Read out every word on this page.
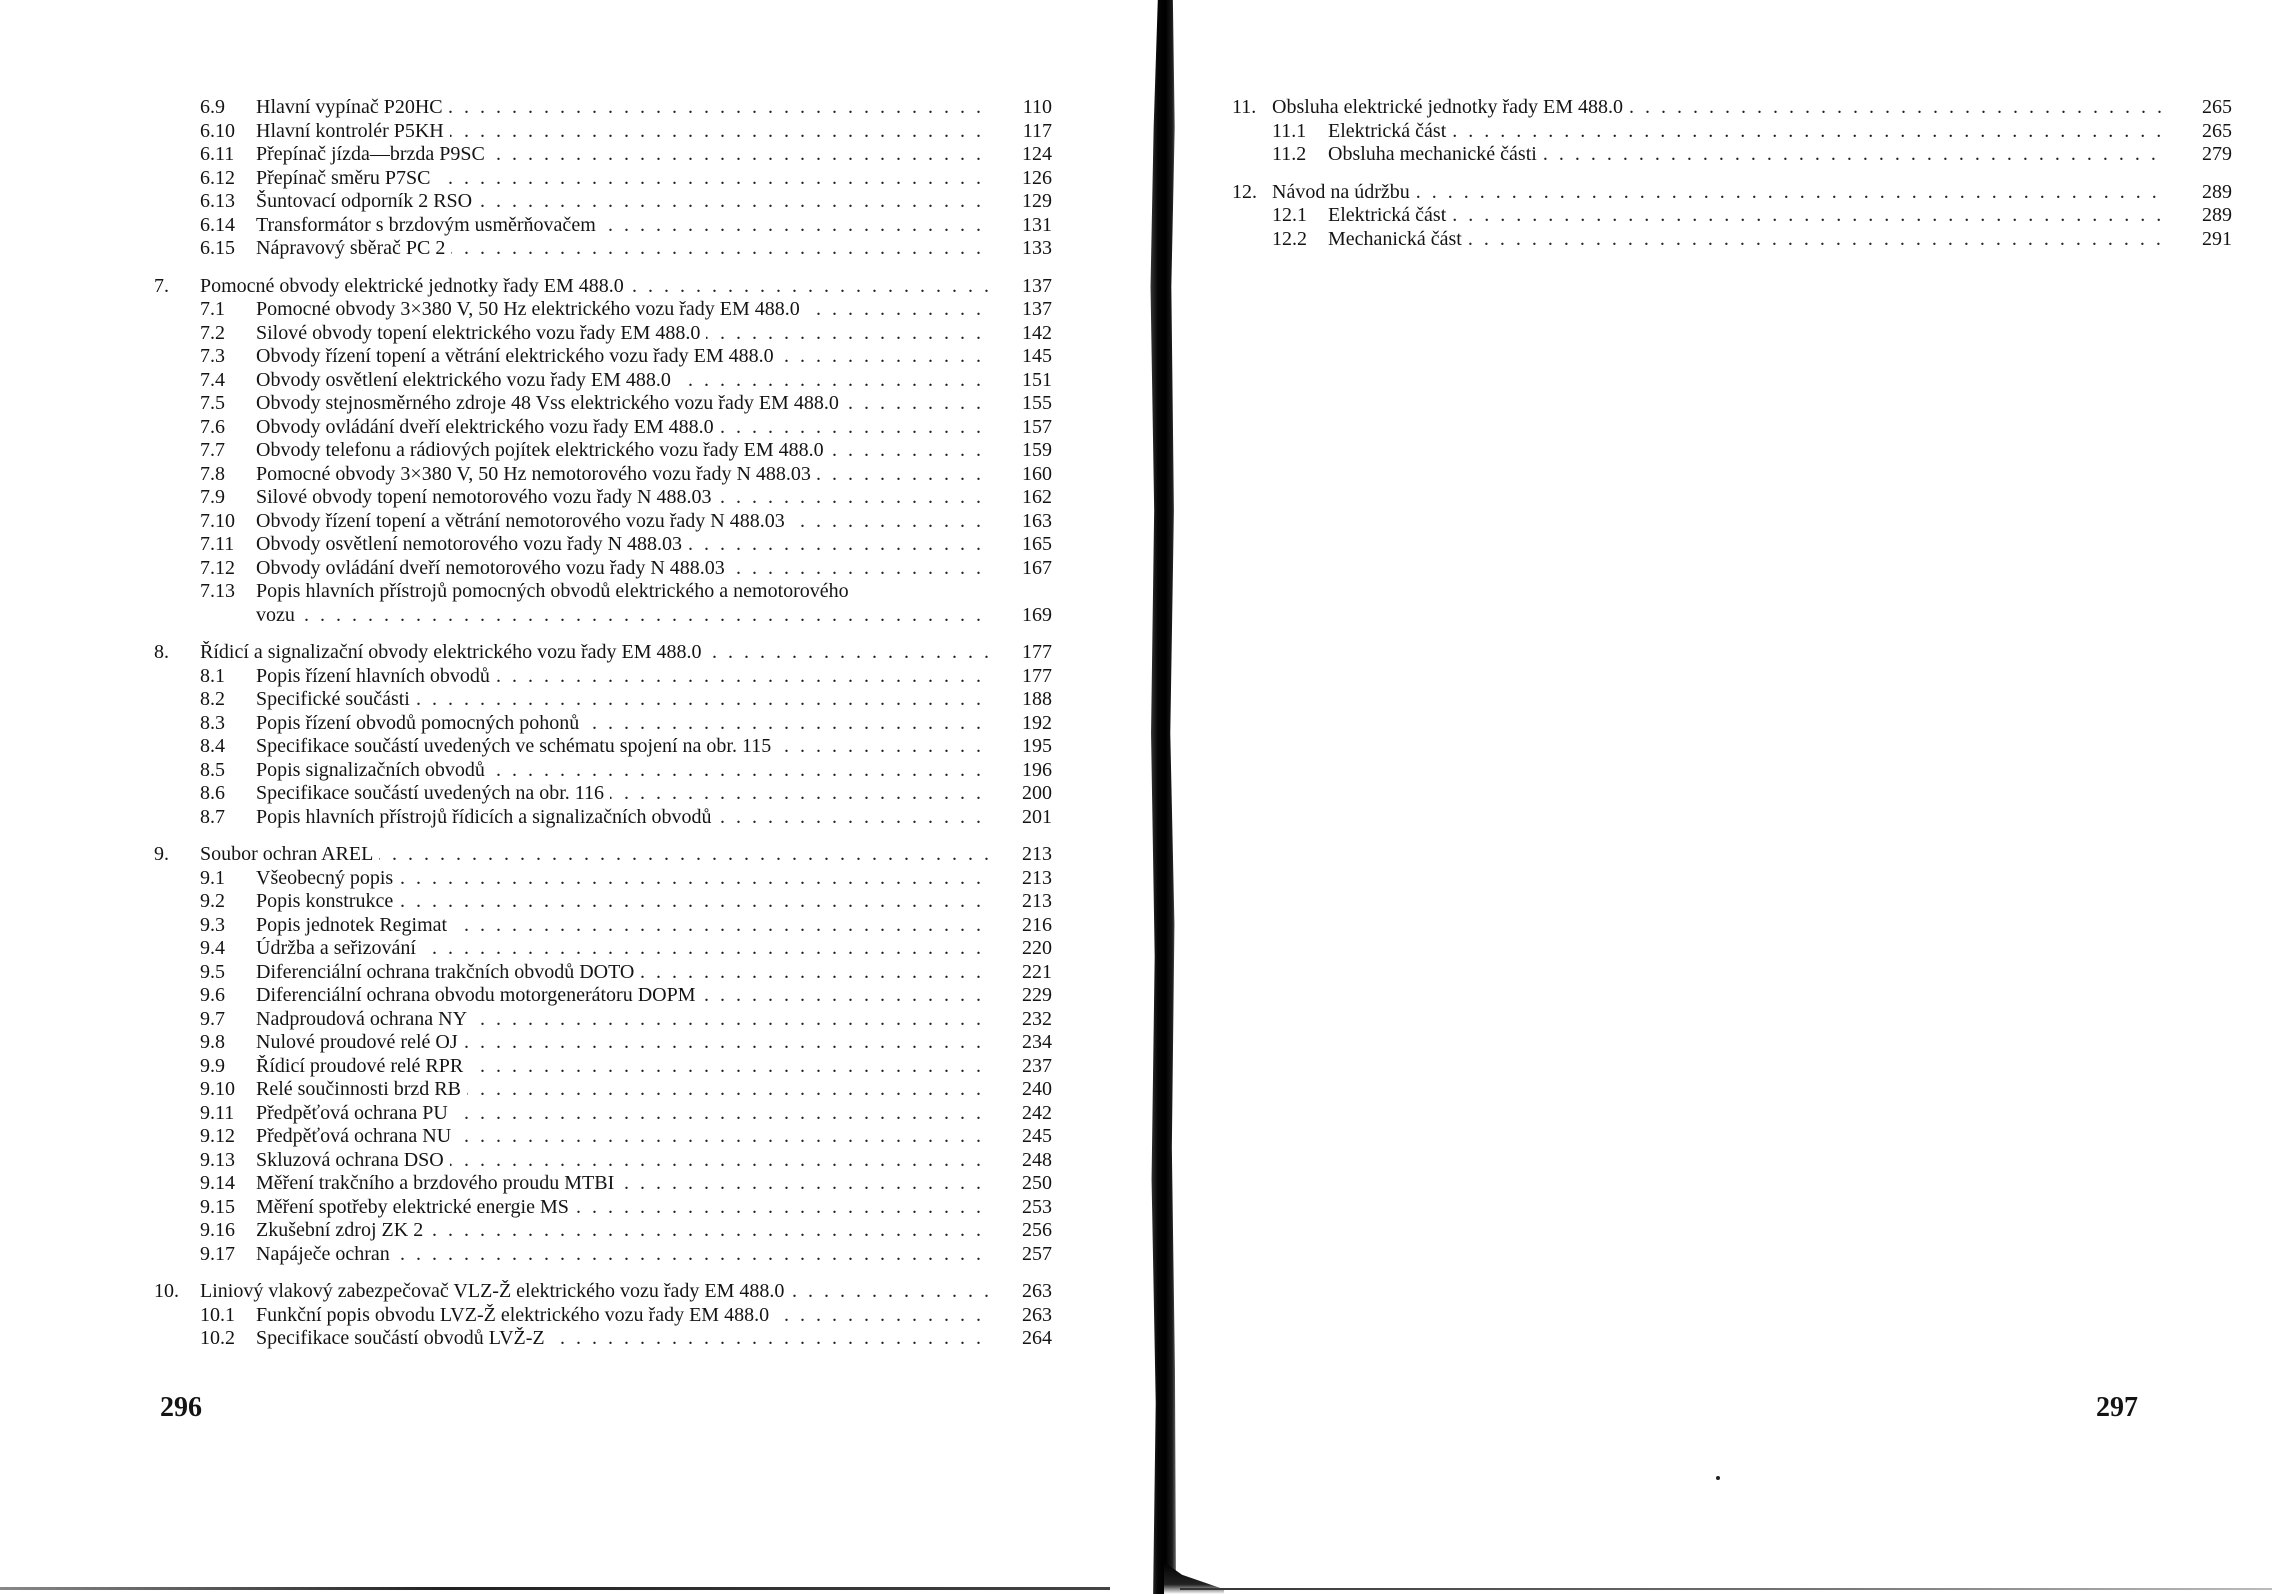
6.9 Hlavní vypínač P20HC . . .	110
6.10 Hlavní kontrolér P5KH . . .	117
6.11 Přepínač jízda—brzda P9SC . . .	124
6.12 Přepínač směru P7SC . . .	126
6.13 Šuntovací odporník 2 RSO . . .	129
6.14 Transformátor s brzdovým usměrňovačem . . .	131
6.15 Nápravový sběrač PC 2 . . .	133
7. Pomocné obvody elektrické jednotky řady EM 488.0 . . .	137
7.1 Pomocné obvody 3×380 V, 50 Hz elektrického vozu řady EM 488.0 . . .	137
7.2 Silové obvody topení elektrického vozu řady EM 488.0 . . .	142
7.3 Obvody řízení topení a větrání elektrického vozu řady EM 488.0 . . .	145
7.4 Obvody osvětlení elektrického vozu řady EM 488.0 . . .	151
7.5 Obvody stejnosměrného zdroje 48 Vss elektrického vozu řady EM 488.0 . . .	155
7.6 Obvody ovládání dveří elektrického vozu řady EM 488.0 . . .	157
7.7 Obvody telefonu a rádiových pojítek elektrického vozu řady EM 488.0 . . .	159
7.8 Pomocné obvody 3×380 V, 50 Hz nemotorového vozu řady N 488.03 . . .	160
7.9 Silové obvody topení nemotorového vozu řady N 488.03 . . .	162
7.10 Obvody řízení topení a větrání nemotorového vozu řady N 488.03 . . .	163
7.11 Obvody osvětlení nemotorového vozu řady N 488.03 . . .	165
7.12 Obvody ovládání dveří nemotorového vozu řady N 488.03 . . .	167
7.13 Popis hlavních přístrojů pomocných obvodů elektrického a nemotorového
vozu . . .	169
8. Řídicí a signalizační obvody elektrického vozu řady EM 488.0 . . .	177
8.1 Popis řízení hlavních obvodů . . .	177
8.2 Specifické součásti . . .	188
8.3 Popis řízení obvodů pomocných pohonů . . .	192
8.4 Specifikace součástí uvedených ve schématu spojení na obr. 115 . . .	195
8.5 Popis signalizačních obvodů . . .	196
8.6 Specifikace součástí uvedených na obr. 116 . . .	200
8.7 Popis hlavních přístrojů řídicích a signalizačních obvodů . . .	201
9. Soubor ochran AREL . . .	213
9.1 Všeobecný popis . . .	213
9.2 Popis konstrukce . . .	213
9.3 Popis jednotek Regimat . . .	216
9.4 Údržba a seřizování . . .	220
9.5 Diferenciální ochrana trakčních obvodů DOTO . . .	221
9.6 Diferenciální ochrana obvodu motorgenerátoru DOPM . . .	229
9.7 Nadproudová ochrana NY . . .	232
9.8 Nulové proudové relé OJ . . .	234
9.9 Řídicí proudové relé RPR . . .	237
9.10 Relé součinnosti brzd RB . . .	240
9.11 Předpěťová ochrana PU . . .	242
9.12 Předpěťová ochrana NU . . .	245
9.13 Skluzová ochrana DSO . . .	248
9.14 Měření trakčního a brzdového proudu MTBI . . .	250
9.15 Měření spotřeby elektrické energie MS . . .	253
9.16 Zkušební zdroj ZK 2 . . .	256
9.17 Napáječe ochran . . .	257
10. Liniový vlakový zabezpečovač VLZ-Ž elektrického vozu řady EM 488.0 . . .	263
10.1 Funkční popis obvodu LVZ-Ž elektrického vozu řady EM 488.0 . . .	263
10.2 Specifikace součástí obvodů LVŽ-Z . . .	264
296
11. Obsluha elektrické jednotky řady EM 488.0 . . .	265
11.1 Elektrická část . . .	265
11.2 Obsluha mechanické části . . .	279
12. Návod na údržbu . . .	289
12.1 Elektrická část . . .	289
12.2 Mechanická část . . .	291
297
